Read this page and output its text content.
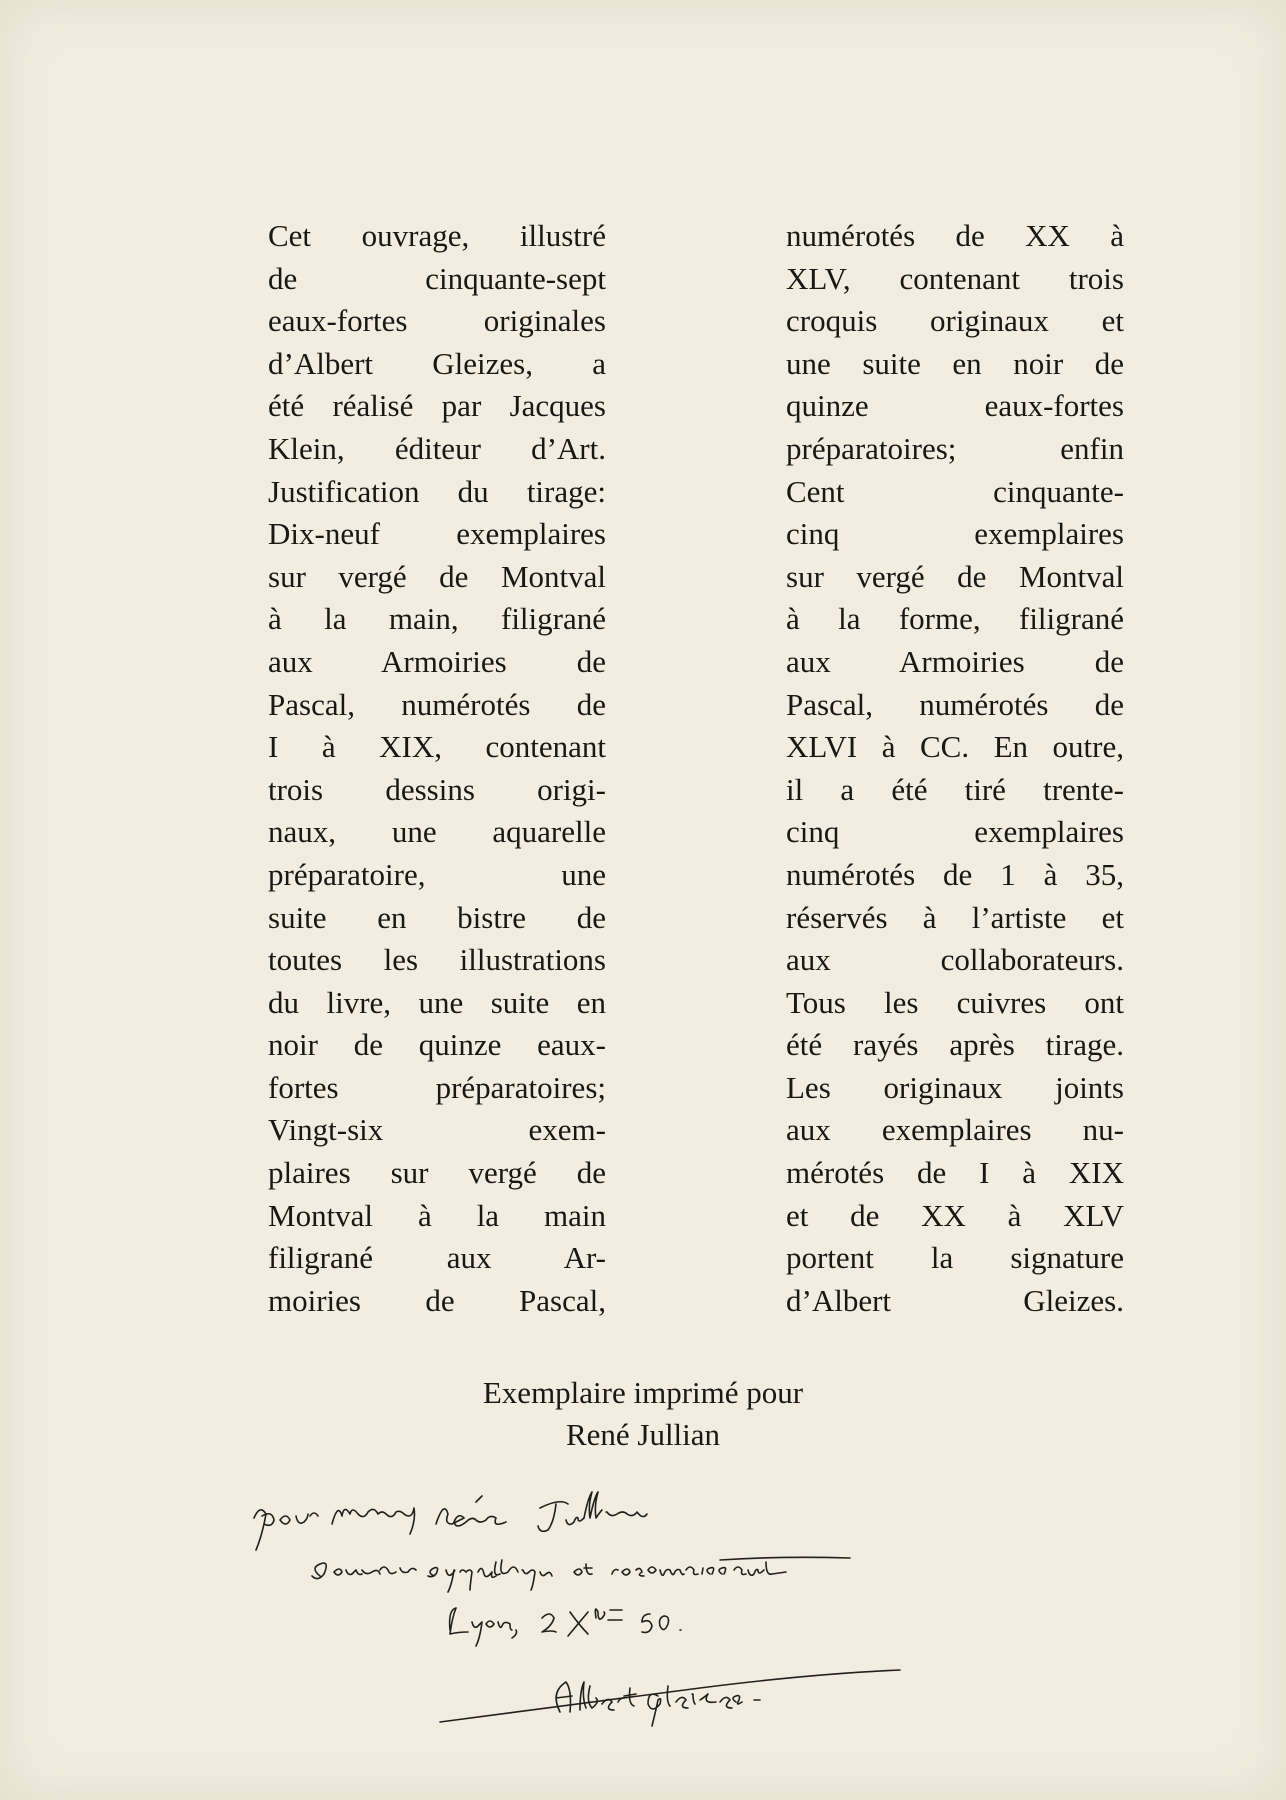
Cet ouvrage, illustré
de cinquante-sept
eaux-fortes originales
d’Albert Gleizes, a
été réalisé par Jacques
Klein, éditeur d’Art.
Justification du tirage:
Dix-neuf exemplaires
sur vergé de Montval
à la main, filigrané
aux Armoiries de
Pascal, numérotés de
I à XIX, contenant
trois dessins origi-
naux, une aquarelle
préparatoire, une
suite en bistre de
toutes les illustrations
du livre, une suite en
noir de quinze eaux-
fortes préparatoires;
Vingt-six exem-
plaires sur vergé de
Montval à la main
filigrané aux Ar-
moiries de Pascal,
numérotés de XX à
XLV, contenant trois
croquis originaux et
une suite en noir de
quinze eaux-fortes
préparatoires; enfin
Cent cinquante-
cinq exemplaires
sur vergé de Montval
à la forme, filigrané
aux Armoiries de
Pascal, numérotés de
XLVI à CC. En outre,
il a été tiré trente-
cinq exemplaires
numérotés de 1 à 35,
réservés à l’artiste et
aux collaborateurs.
Tous les cuivres ont
été rayés après tirage.
Les originaux joints
aux exemplaires nu-
mérotés de I à XIX
et de XX à XLV
portent la signature
d’Albert Gleizes.
Exemplaire imprimé pour
René Jullian
